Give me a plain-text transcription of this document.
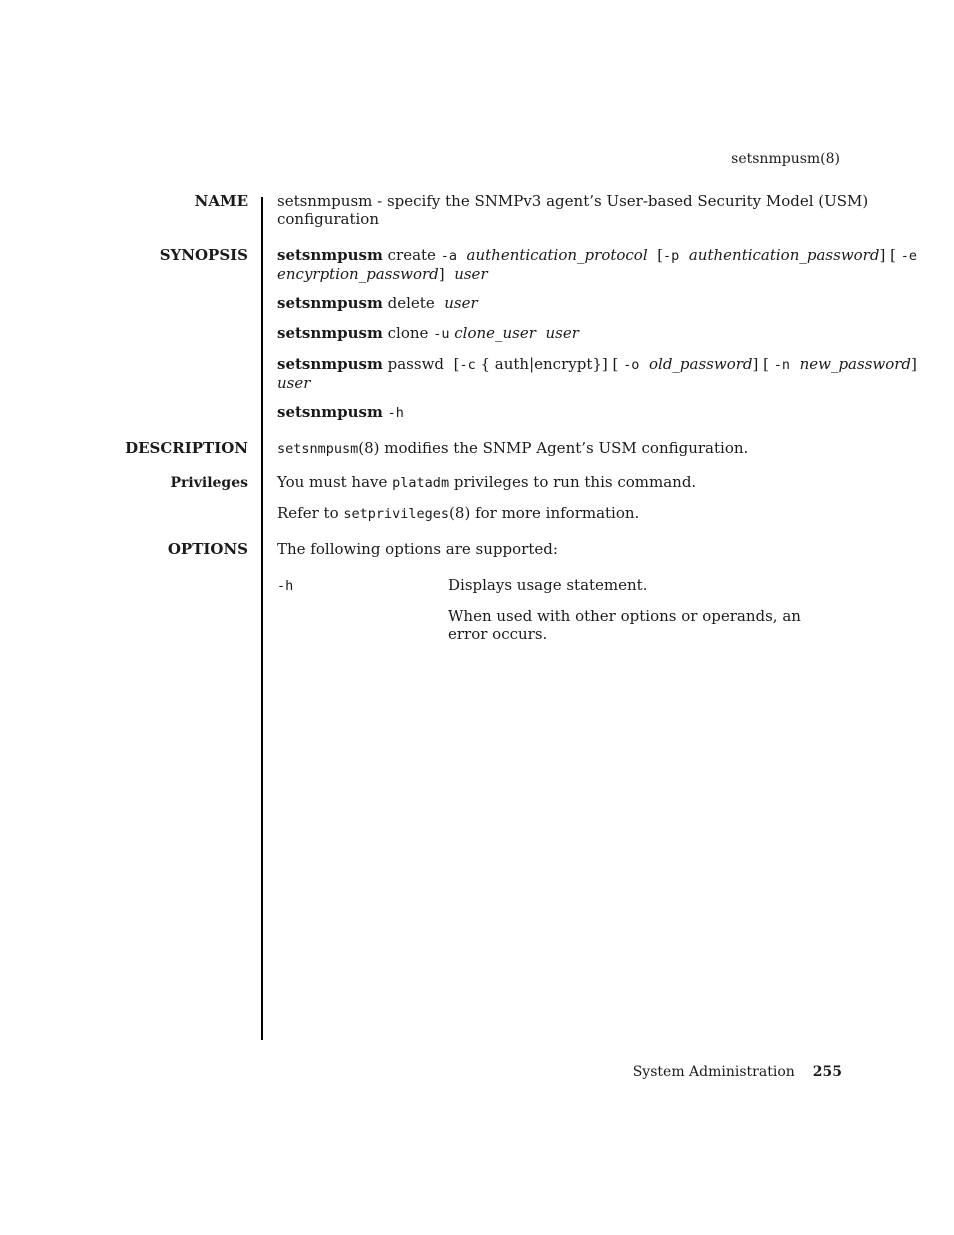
setsnmpusm(8)
NAME setsnmpusm - specify the SNMPv3 agent’s User-based Security Model (USM)
configuration
SYNOPSIS setsnmpusm create -a authentication_protocol [-p authentication_password] [ -e
encyrption_password] user
setsnmpusm delete user
setsnmpusm clone -u clone_user user
setsnmpusm passwd [-c { auth|encrypt}] [ -o old_password] [ -n new_password]
user
setsnmpusm -h
DESCRIPTION setsnmpusm(8) modifies the SNMP Agent’s USM configuration.
Privileges You must have platadm privileges to run this command.
Refer to setprivileges(8) for more information.
OPTIONS The following options are supported:
-h	Displays usage statement.
When used with other options or operands, an error occurs.
System Administration 255
